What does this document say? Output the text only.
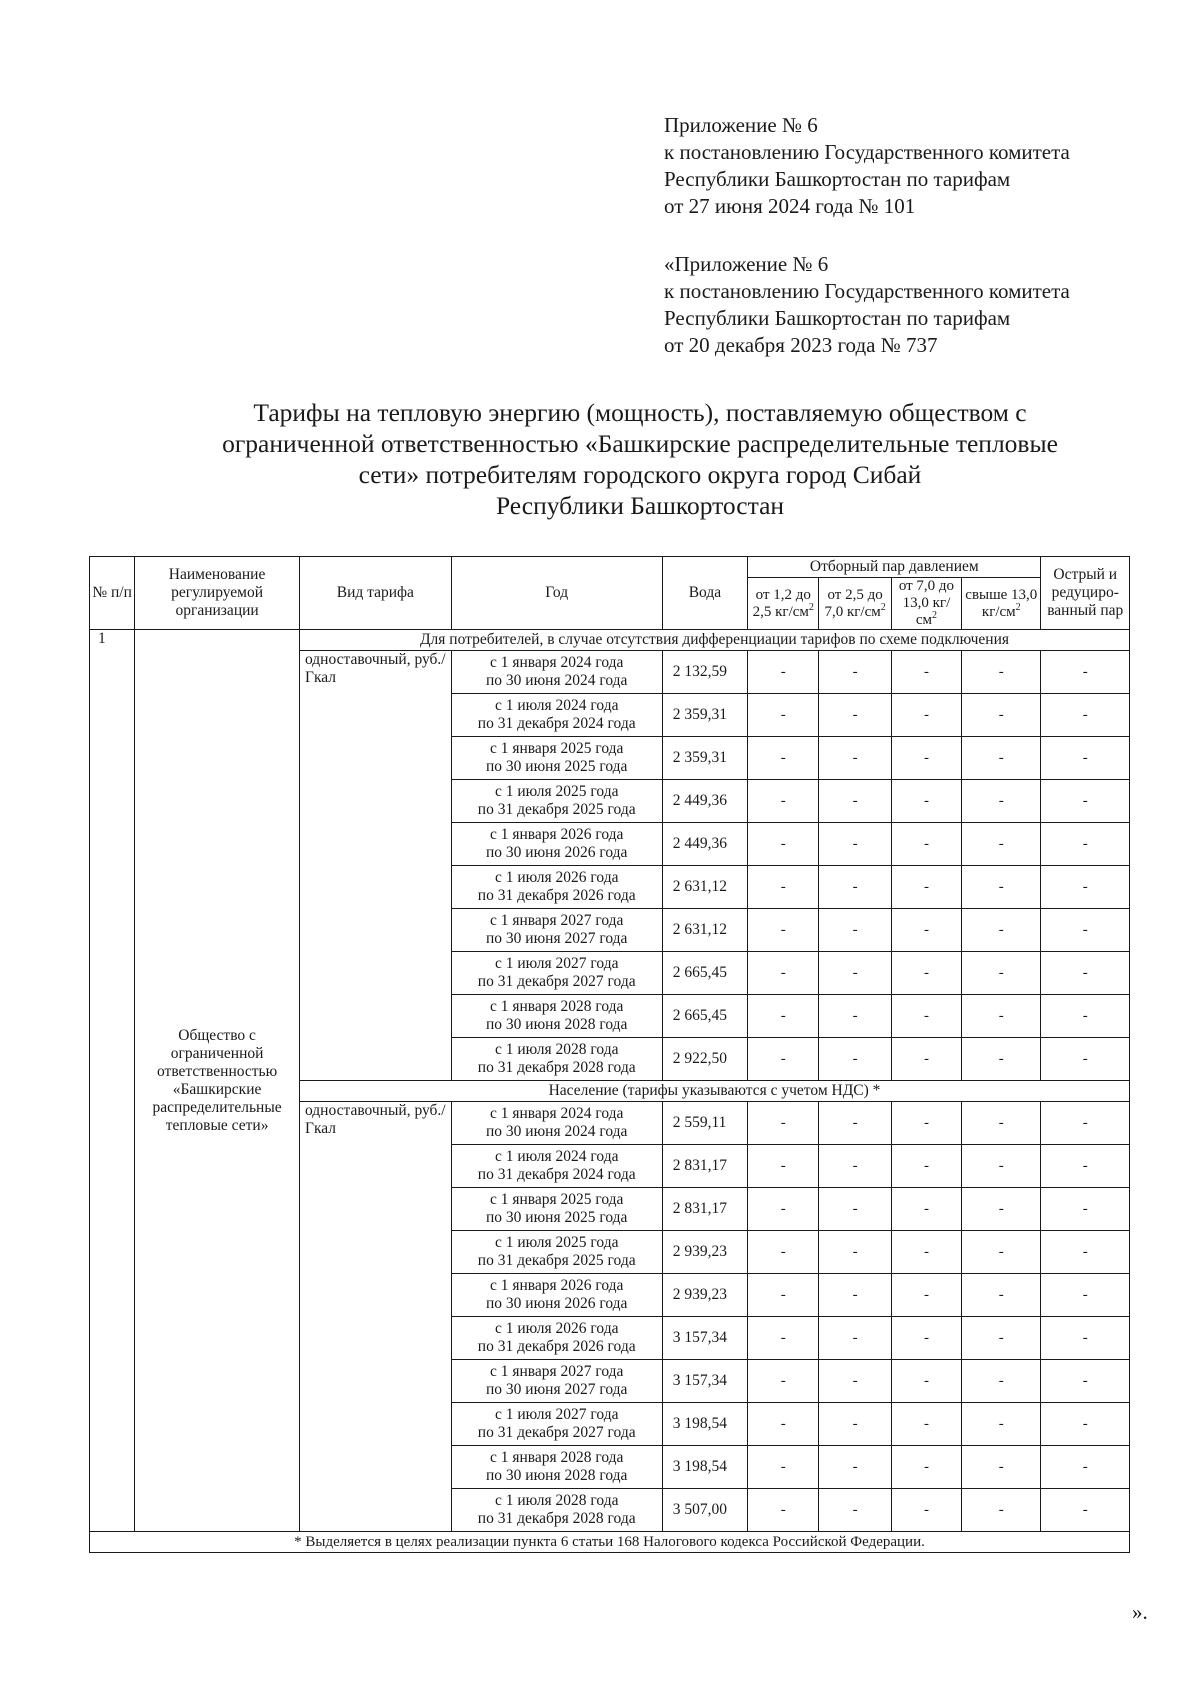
Приложение № 6
к постановлению Государственного комитета
Республики Башкортостан по тарифам
от 27 июня 2024 года № 101
«Приложение № 6
к постановлению Государственного комитета
Республики Башкортостан по тарифам
от 20 декабря 2023 года № 737
Тарифы на тепловую энергию (мощность), поставляемую обществом с
ограниченной ответственностью «Башкирские распределительные тепловые
сети» потребителям городского округа город Сибай
Республики Башкортостан
№ п/п	Наименование регулируемой организации	Вид тарифа	Год	Вода	Отборный пар давлением				Острый и редуциро-ванный пар
					от 1,2 до 2,5 $кг/см^2$	от 2,5 до 7,0 $кг/см^2$	от 7,0 до 13,0 $кг/см^2$	свыше 13,0 $кг/см^2$
1	Общество с ограниченной ответственностью «Башкирские распределительные тепловые сети»	Для потребителей, в случае отсутствия дифференциации тарифов по схеме подключения							
		одноставочный, руб./Гкал	с 1 января 2024 года
по 30 июня 2024 года	2 132,59	-	-	-	-	-

			с 1 июля 2024 года
по 31 декабря 2024 года	2 359,31	-	-	-	-	-

			с 1 января 2025 года
по 30 июня 2025 года	2 359,31	-	-	-	-	-

			с 1 июля 2025 года
по 31 декабря 2025 года	2 449,36	-	-	-	-	-

			с 1 января 2026 года
по 30 июня 2026 года	2 449,36	-	-	-	-	-

			с 1 июля 2026 года
по 31 декабря 2026 года	2 631,12	-	-	-	-	-

			с 1 января 2027 года
по 30 июня 2027 года	2 631,12	-	-	-	-	-

			с 1 июля 2027 года
по 31 декабря 2027 года	2 665,45	-	-	-	-	-

			с 1 января 2028 года
по 30 июня 2028 года	2 665,45	-	-	-	-	-

			с 1 июля 2028 года
по 31 декабря 2028 года	2 922,50	-	-	-	-	-
		Население (тарифы указываются с учетом НДС) *							
		одноставочный, руб./Гкал	с 1 января 2024 года
по 30 июня 2024 года	2 559,11	-	-	-	-	-

			с 1 июля 2024 года
по 31 декабря 2024 года	2 831,17	-	-	-	-	-

			с 1 января 2025 года
по 30 июня 2025 года	2 831,17	-	-	-	-	-

			с 1 июля 2025 года
по 31 декабря 2025 года	2 939,23	-	-	-	-	-

			с 1 января 2026 года
по 30 июня 2026 года	2 939,23	-	-	-	-	-

			с 1 июля 2026 года
по 31 декабря 2026 года	3 157,34	-	-	-	-	-

			с 1 января 2027 года
по 30 июня 2027 года	3 157,34	-	-	-	-	-

			с 1 июля 2027 года
по 31 декабря 2027 года	3 198,54	-	-	-	-	-

			с 1 января 2028 года
по 30 июня 2028 года	3 198,54	-	-	-	-	-

			с 1 июля 2028 года
по 31 декабря 2028 года	3 507,00	-	-	-	-	-
* Выделяется в целях реализации пункта 6 статьи 168 Налогового кодекса Российской Федерации.									
».
